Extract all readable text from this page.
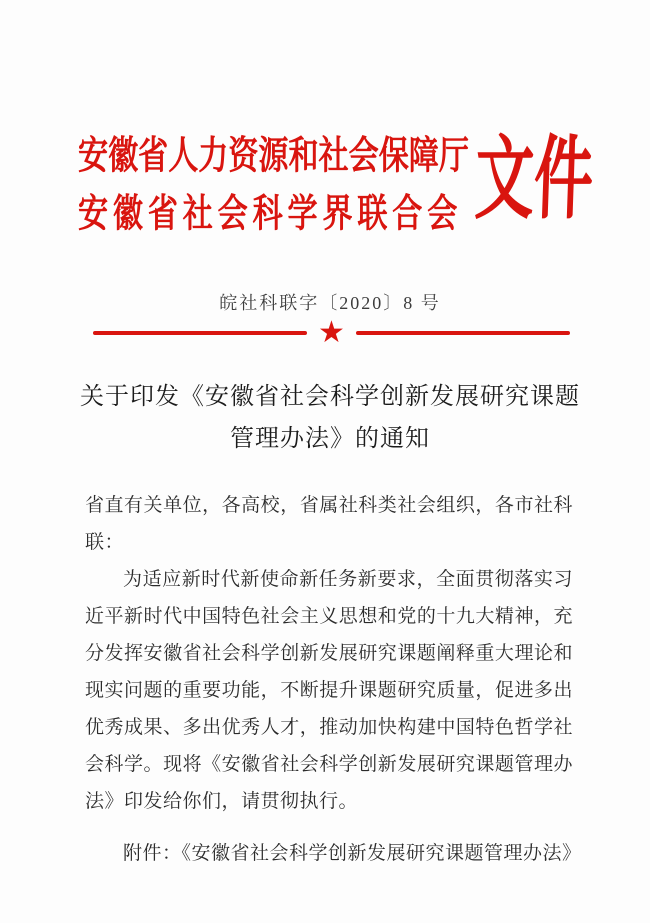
安徽省人力资源和社会保障厅
安徽省社会科学界联合会 文件
皖社科联字〔2020〕8 号
★
关于印发《安徽省社会科学创新发展研究课题
管理办法》的通知
省直有关单位，各高校，省属社科类社会组织，各市社科联：
为适应新时代新使命新任务新要求，全面贯彻落实习近平新时代中国特色社会主义思想和党的十九大精神，充分发挥安徽省社会科学创新发展研究课题阐释重大理论和现实问题的重要功能，不断提升课题研究质量，促进多出优秀成果、多出优秀人才，推动加快构建中国特色哲学社会科学。现将《安徽省社会科学创新发展研究课题管理办法》印发给你们，请贯彻执行。
附件：《安徽省社会科学创新发展研究课题管理办法》
